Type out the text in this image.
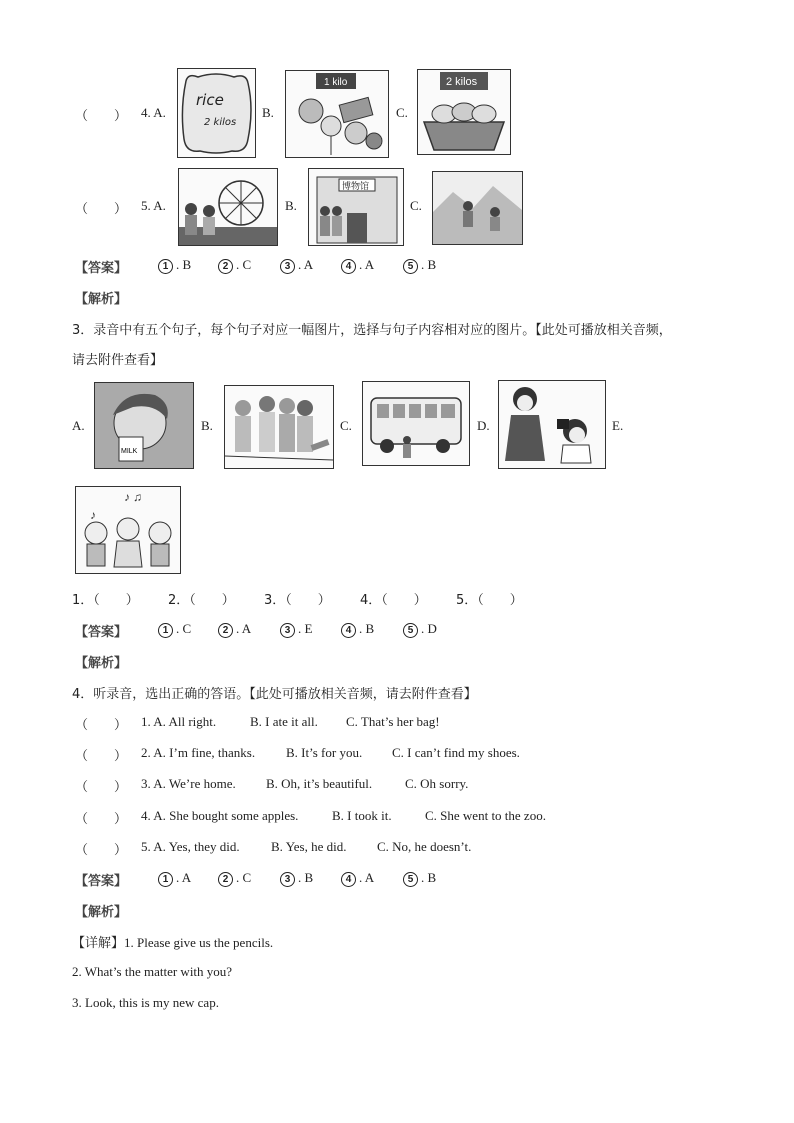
（　　） 4. A.
rice
2 kilos
B.
1 kilo
C.
2 kilos
（　　） 5. A.	B.
博物馆
C.
【答案】	1 . B	2 . C	3 . A	4 . A	5 . B
【解析】
3．录音中有五个句子，每个句子对应一幅图片，选择与句子内容相对应的图片。【此处可播放相关音频，
请去附件查看】
A.
MILK
B.	C.	D.	E.
♪ ♫
♪
1．（　　） 2．（　　） 3．（　　） 4．（　　） 5．（　　）
【答案】	1 . C	2 . A	3 . E	4 . B	5 . D
【解析】
4．听录音，选出正确的答语。【此处可播放相关音频，请去附件查看】
（　　） 1. A. All right.	B. I ate it all. C. That’s her bag!
（　　） 2. A. I’m fine, thanks. B. It’s for you. C. I can’t find my shoes.
（　　） 3. A. We’re home. B. Oh, it’s beautiful.	C. Oh sorry.
（　　） 4. A. She bought some apples.	B. I took it.	C. She went to the zoo.
（　　） 5. A. Yes, they did. B. Yes, he did. C. No, he doesn’t.
【答案】	1 . A	2 . C	3 . B	4 . A	5 . B
【解析】
【详解】1. Please give us the pencils.
2. What’s the matter with you?
3. Look, this is my new cap.
